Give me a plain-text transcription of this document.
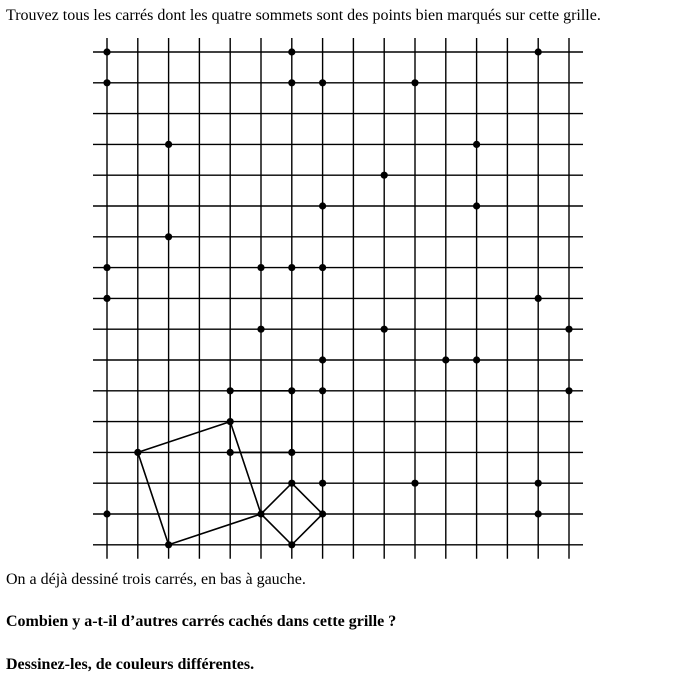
Trouvez tous les carrés dont les quatre sommets sont des points bien marqués sur cette grille.

On a déjà dessiné trois carrés, en bas à gauche.

Combien y a-t-il d’autres carrés cachés dans cette grille ?

Dessinez-les, de couleurs différentes.
